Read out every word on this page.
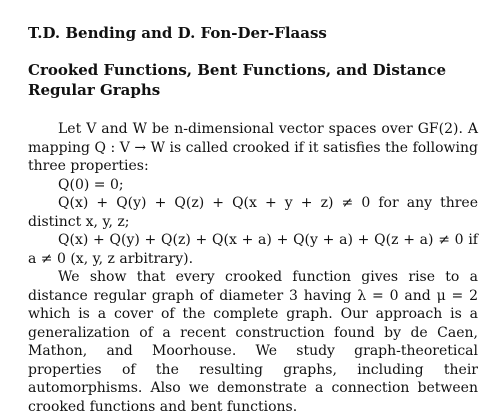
T.D. Bending and D. Fon-Der-Flaass
Crooked Functions, Bent Functions, and Distance Regular Graphs

Let V and W be n-dimensional vector spaces over GF(2). A mapping Q : V → W is called crooked if it satisfies the following three properties:

Q(0) = 0;

Q(x) + Q(y) + Q(z) + Q(x + y + z) ≠ 0 for any three distinct x, y, z;

Q(x) + Q(y) + Q(z) + Q(x + a) + Q(y + a) + Q(z + a) ≠ 0 if a ≠ 0 (x, y, z arbitrary).

We show that every crooked function gives rise to a distance regular graph of diameter 3 having λ = 0 and μ = 2 which is a cover of the complete graph. Our approach is a generalization of a recent construction found by de Caen, Mathon, and Moorhouse. We study graph-theoretical properties of the resulting graphs, including their automorphisms. Also we demonstrate a connection between crooked functions and bent functions.
